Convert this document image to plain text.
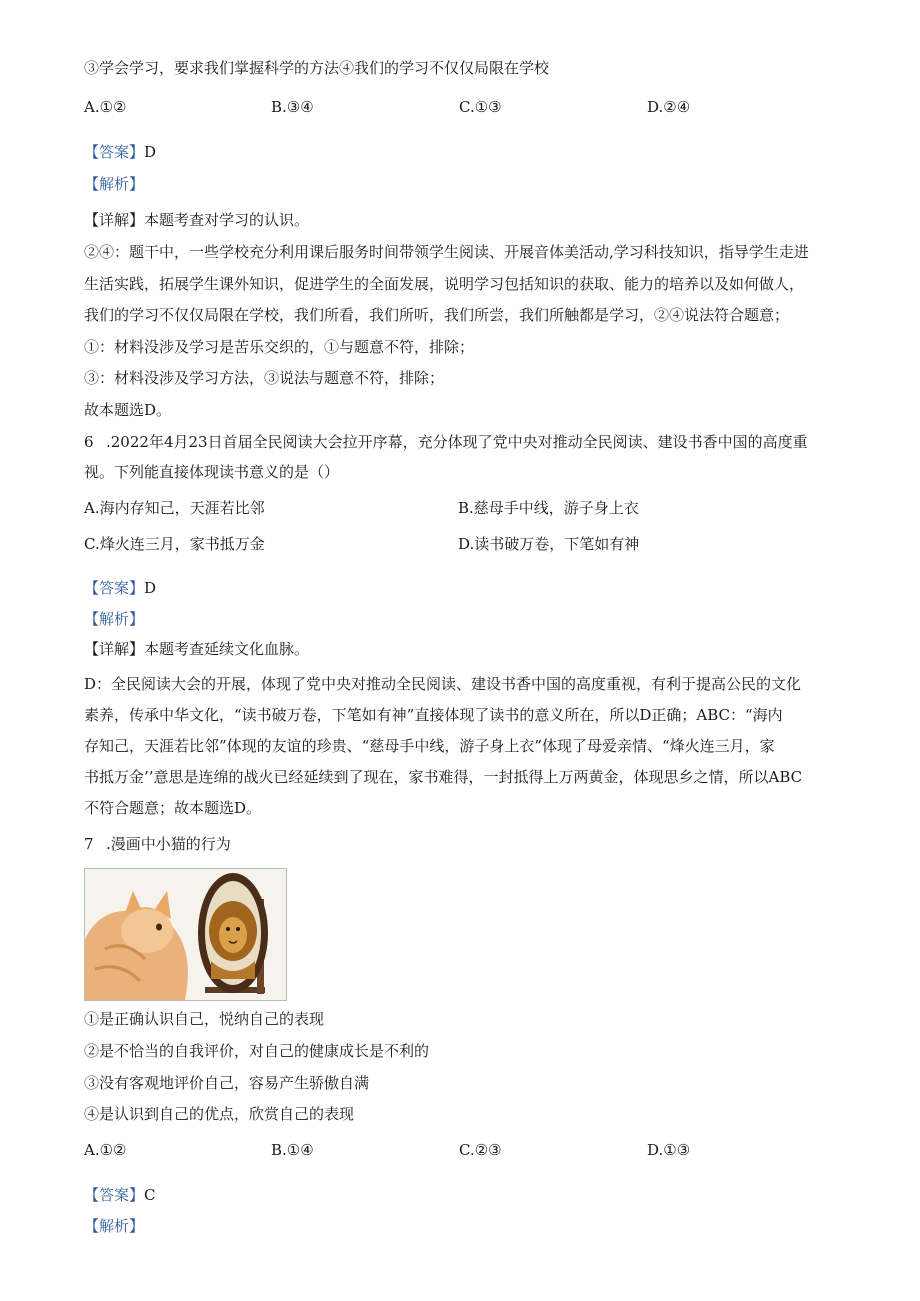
③学会学习，要求我们掌握科学的方法④我们的学习不仅仅局限在学校
A.①②	B.③④	C.①③	D.②④
【答案】D
【解析】
【详解】本题考查对学习的认识。
②④：题干中，一些学校充分利用课后服务时间带领学生阅读、开展音体美活动,学习科技知识，指导学生走进
生活实践，拓展学生课外知识，促进学生的全面发展，说明学习包括知识的获取、能力的培养以及如何做人，
我们的学习不仅仅局限在学校，我们所看，我们所听，我们所尝，我们所触都是学习，②④说法符合题意；
①：材料没涉及学习是苦乐交织的，①与题意不符，排除；
③：材料没涉及学习方法，③说法与题意不符，排除；
故本题选D。
6 .2022年4月23日首届全民阅读大会拉开序幕，充分体现了党中央对推动全民阅读、建设书香中国的高度重
视。下列能直接体现读书意义的是（）
A.海内存知己，天涯若比邻	B.慈母手中线，游子身上衣
C.烽火连三月，家书抵万金	D.读书破万卷，下笔如有神
【答案】D
【解析】
【详解】本题考查延续文化血脉。
D：全民阅读大会的开展，体现了党中央对推动全民阅读、建设书香中国的高度重视，有利于提高公民的文化
素养，传承中华文化，“读书破万卷，下笔如有神”直接体现了读书的意义所在，所以D正确；ABC：“海内
存知己，天涯若比邻”体现的友谊的珍贵、“慈母手中线，游子身上衣”体现了母爱亲情、“烽火连三月，家
书抵万金’’意思是连绵的战火已经延续到了现在，家书难得，一封抵得上万两黄金，体现思乡之情，所以ABC
不符合题意；故本题选D。
7 .漫画中小猫的行为
①是正确认识自己，悦纳自己的表现
②是不恰当的自我评价，对自己的健康成长是不利的
③没有客观地评价自己，容易产生骄傲自满
④是认识到自己的优点，欣赏自己的表现
A.①②	B.①④	C.②③	D.①③
【答案】C
【解析】
